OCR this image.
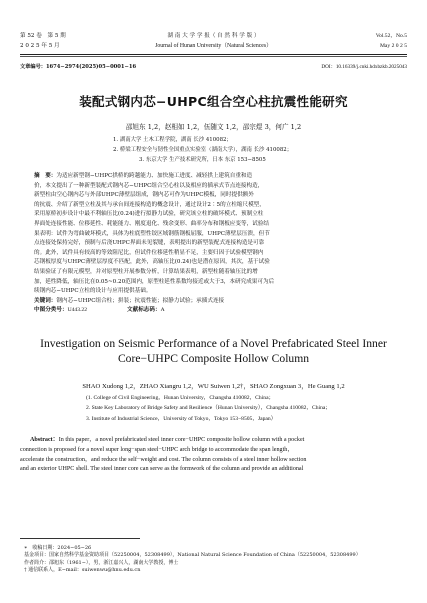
第 52 卷　第 5 期
2 0 2 5 年 5 月
湖 南 大 学 学 报（ 自 然 科 学 版 ）
Journal of Hunan University（Natural Sciences）
Vol.52，No.5
May 2 0 2 5
文章编号：1674−2974(2025)05−0001−16	DOI：10.16339/j.cnki.hdxbzkb.2025043
装配式钢内芯−UHPC组合空心柱抗震性能研究
邵旭东 1,2，赵相如 1,2，伍随文 1,2，邵宗煜 3，何广 1,2
1. 湖南大学 土木工程学院，湖南 长沙 410082；
2. 桥梁工程安全与韧性全国重点实验室（湖南大学），湖南 长沙 410082；
3. 东京大学 生产技术研究所，日本 东京 153−8505
摘　要：为适应新型钢−UHPC拱桥的跨越能力、加快施工进度、减轻拱上建筑自重和造
价，本文提出了一种新型装配式钢内芯−UHPC组合空心柱以及相应的插承式节点连接构造，
新型柱由空心钢内芯与外部UHPC薄壁层组成，钢内芯可作为UHPC模板，同时提供额外
的抗震、介绍了新型立柱及其与承台间连接构造的概念设计，通过设计2∶5的立柱缩尺模型，
采用原桥初步设计中最不利轴压比(0.24)进行拟静力试验，研究该立柱的破坏模式、预制立柱
界面处连接性能、位移延性、耗能能力、刚度退化、残余变形、曲率分布和钢板应变等，试验结
果表明：试件为弯曲破坏模式，具体为柱底塑性铰区域钢筋钢板屈服，UHPC薄壁层压溃，但节
点连接处保持完好，预制与后浇UHPC界面未见裂缝，表明提出的新型装配式连接构造是可靠
的。此外，试件具有较高的等效阻尼比，但试件位移延性稍显不足，主要归因于试验模型钢内
芯钢板厚度与UHPC薄壁层厚度不匹配，此外，高轴压比(0.24)也是潜在原因，其次，基于试验
结果验证了有限元模型，并对原型柱开展参数分析，计算结果表明，新型柱随着轴压比的增
加，延性降低，轴压比在0.05~0.20范围内，原型柱延性系数均接近或大于3，本研究成果可为后
续钢内芯−UHPC立柱的设计与应用提供基础。
关键词：钢内芯−UHPC组合柱；拼装；抗震性能；拟静力试验；承插式连接
中图分类号：U443.22	文献标志码：A
Investigation on Seismic Performance of a Novel Prefabricated Steel Inner
Core−UHPC Composite Hollow Column
SHAO Xudong 1,2，ZHAO Xiangru 1,2，WU Suiwen 1,2†，SHAO Zongxuan 3，He Guang 1,2
(1. College of Civil Engineering，Hunan University，Changsha 410082，China；
2. State Key Laboratory of Bridge Safety and Resilience（Hunan University），Changsha 410082，China；
3. Institute of Industrial Science，University of Tokyo，Tokyo 153−8505，Japan）
Abstract：In this paper，a novel prefabricated steel inner core−UHPC composite hollow column with a pocket
connection is proposed for a novel super long−span steel−UHPC arch bridge to accommodate the span length，
accelerate the construction，and reduce the self−weight and cost. The column consists of a steel inner hollow section
and an exterior UHPC shell. The steel inner core can serve as the formwork of the column and provide an additional
∗　收稿日期：2024−05−26
基金项目：国家自然科学基金资助项目（52250004，52308499），National Natural Science Foundation of China（52250004，52308499）
作者简介：邵旭东（1961−），男，浙江嘉兴人，湖南大学教授，博士
† 通信联系人，E−mail：suiwenwu@hnu.edu.cn
